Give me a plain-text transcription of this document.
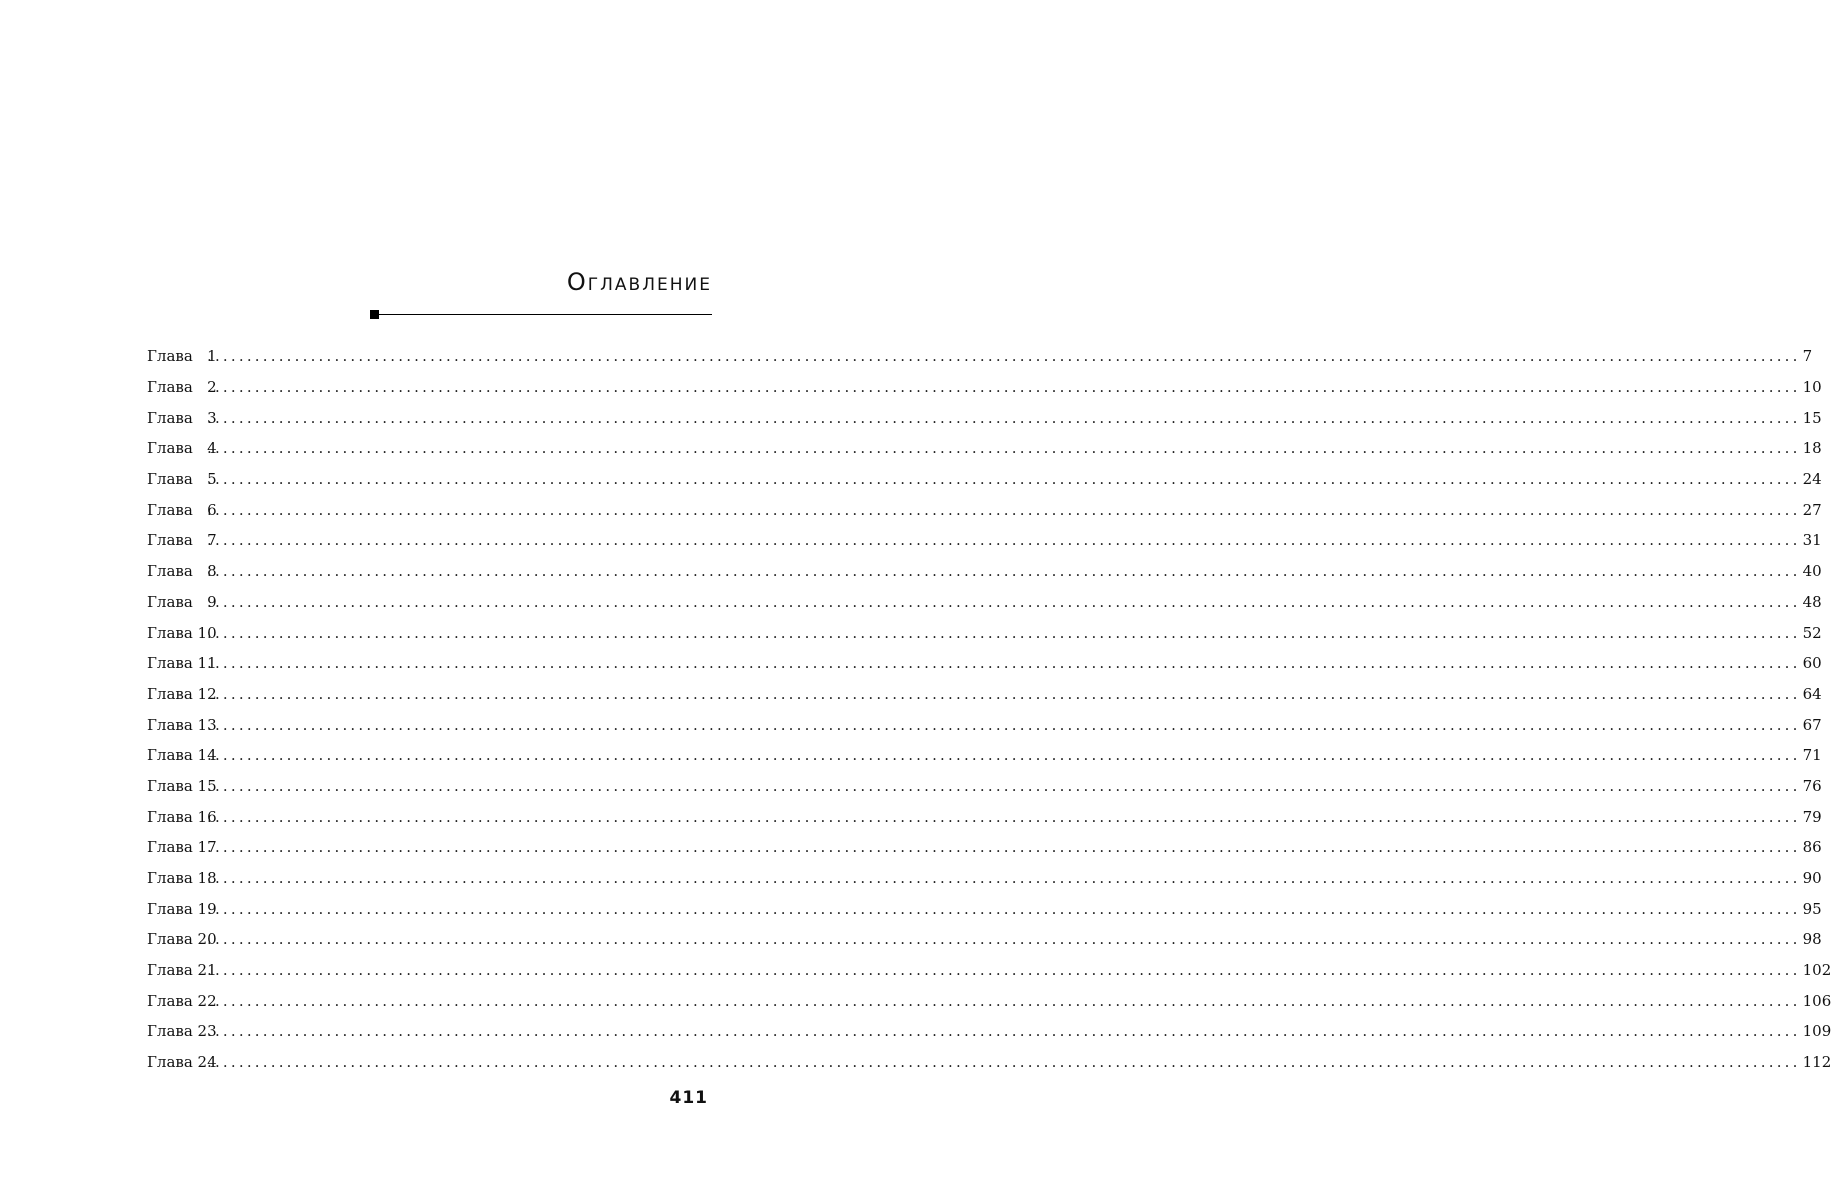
Оглавление
Глава   1
........................................................................................................................................................................................................ 7
Глава   2
........................................................................................................................................................................................................ 10
Глава   3
........................................................................................................................................................................................................ 15
Глава   4
........................................................................................................................................................................................................ 18
Глава   5
........................................................................................................................................................................................................ 24
Глава   6
........................................................................................................................................................................................................ 27
Глава   7
........................................................................................................................................................................................................ 31
Глава   8
........................................................................................................................................................................................................ 40
Глава   9
........................................................................................................................................................................................................ 48
Глава 10
........................................................................................................................................................................................................ 52
Глава 11
........................................................................................................................................................................................................ 60
Глава 12
........................................................................................................................................................................................................ 64
Глава 13
........................................................................................................................................................................................................ 67
Глава 14
........................................................................................................................................................................................................ 71
Глава 15
........................................................................................................................................................................................................ 76
Глава 16
........................................................................................................................................................................................................ 79
Глава 17
........................................................................................................................................................................................................ 86
Глава 18
........................................................................................................................................................................................................ 90
Глава 19
........................................................................................................................................................................................................ 95
Глава 20
........................................................................................................................................................................................................ 98
Глава 21
........................................................................................................................................................................................................ 102
Глава 22
........................................................................................................................................................................................................ 106
Глава 23
........................................................................................................................................................................................................ 109
Глава 24
........................................................................................................................................................................................................ 112
411
